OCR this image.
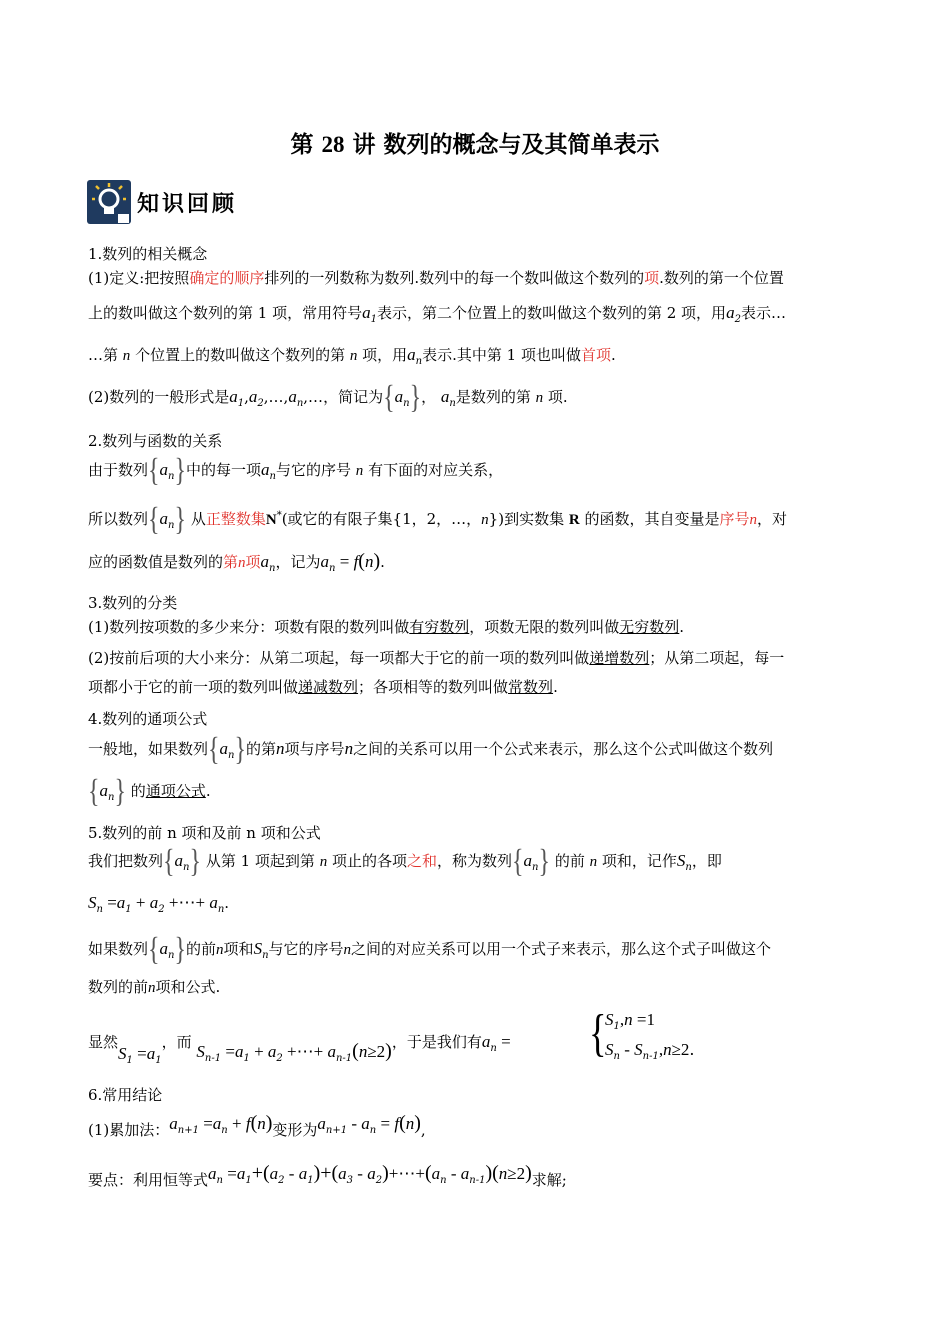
第 28 讲 数列的概念与及其简单表示
知识回顾
1.数列的相关概念
(1)定义:把按照确定的顺序排列的一列数称为数列.数列中的每一个数叫做这个数列的项.数列的第一个位置
上的数叫做这个数列的第 1 项，常用符号$a_1$表示，第二个位置上的数叫做这个数列的第 2 项，用$a_2$表示…
…第 n 个位置上的数叫做这个数列的第 n 项，用$a_n$表示.其中第 1 项也叫做首项.
(2)数列的一般形式是$a_1,a_2,\dots,a_n,\dots$，简记为$\{a_n\}$， $a_n$是数列的第 n 项.
2.数列与函数的关系
由于数列$\{a_n\}$中的每一项$a_n$与它的序号 n 有下面的对应关系，
所以数列$\{a_n\}$ 从正整数集N*(或它的有限子集{1，2，…，n})到实数集 R 的函数，其自变量是序号n，对
应的函数值是数列的第n项$a_n$，记为$a_n = f(n)$.
3.数列的分类
(1)数列按项数的多少来分：项数有限的数列叫做有穷数列，项数无限的数列叫做无穷数列.
(2)按前后项的大小来分：从第二项起，每一项都大于它的前一项的数列叫做递增数列；从第二项起，每一
项都小于它的前一项的数列叫做递减数列；各项相等的数列叫做常数列.
4.数列的通项公式
一般地，如果数列$\{a_n\}$的第n项与序号n之间的关系可以用一个公式来表示，那么这个公式叫做这个数列
$\{a_n\}$ 的通项公式.
5.数列的前 n 项和及前 n 项和公式
我们把数列$\{a_n\}$ 从第 1 项起到第 n 项止的各项之和，称为数列$\{a_n\}$ 的前 n 项和，记作$S_n$，即
$S_n =a_1 + a_2$ +⋯+ $a_n$.
如果数列$\{a_n\}$的前n项和$S_n$与它的序号n之间的对应关系可以用一个式子来表示，那么这个式子叫做这个
数列的前n项和公式.
显然$S_1 =a_1$，而 $S_{n-1} =a_1 + a_2$ +⋯+ $a_{n-1}(n\ge 2)$，于是我们有$a_n$ =	{
$S_1,n =1$
$S_n - S_{n-1},n\ge 2$.
6.常用结论
(1)累加法：$a_{n+1} =a_n + f(n)$变形为$a_{n+1} - a_n = f(n)$,
要点：利用恒等式$a_n =a_1+(a_2 - a_1)+(a_3$ - $a_2)+\cdots+(a_n - a_{n-1})(n\ge 2)$求解;
